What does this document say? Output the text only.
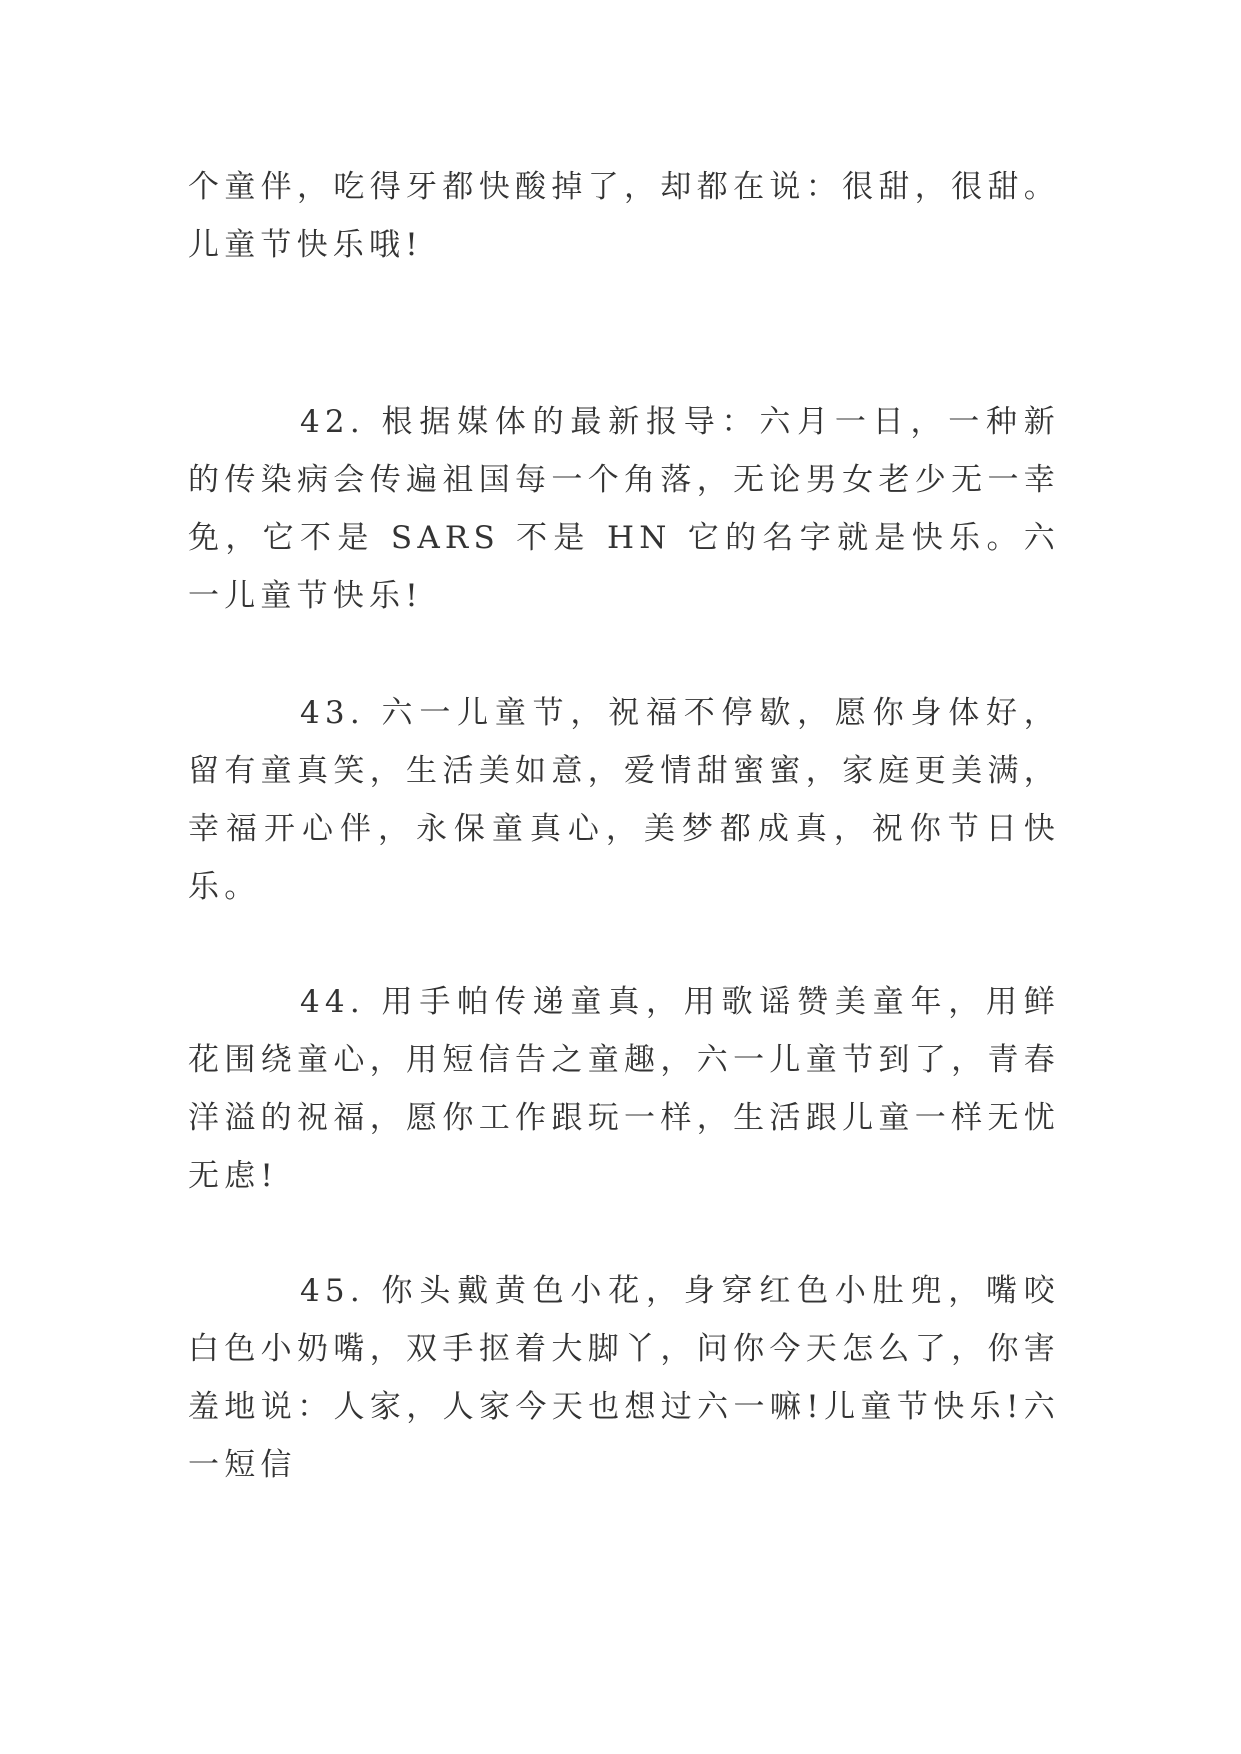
个童伴，吃得牙都快酸掉了，却都在说：很甜，很甜。儿童节快乐哦!

42. 根据媒体的最新报导：六月一日，一种新的传染病会传遍祖国每一个角落，无论男女老少无一幸免，它不是 SARS 不是 HN 它的名字就是快乐。六一儿童节快乐!

43. 六一儿童节，祝福不停歇，愿你身体好，留有童真笑，生活美如意，爱情甜蜜蜜，家庭更美满，幸福开心伴，永保童真心，美梦都成真，祝你节日快乐。

44. 用手帕传递童真，用歌谣赞美童年，用鲜花围绕童心，用短信告之童趣，六一儿童节到了，青春洋溢的祝福，愿你工作跟玩一样，生活跟儿童一样无忧无虑!

45. 你头戴黄色小花，身穿红色小肚兜，嘴咬白色小奶嘴，双手抠着大脚丫，问你今天怎么了，你害羞地说：人家，人家今天也想过六一嘛!儿童节快乐!六一短信
